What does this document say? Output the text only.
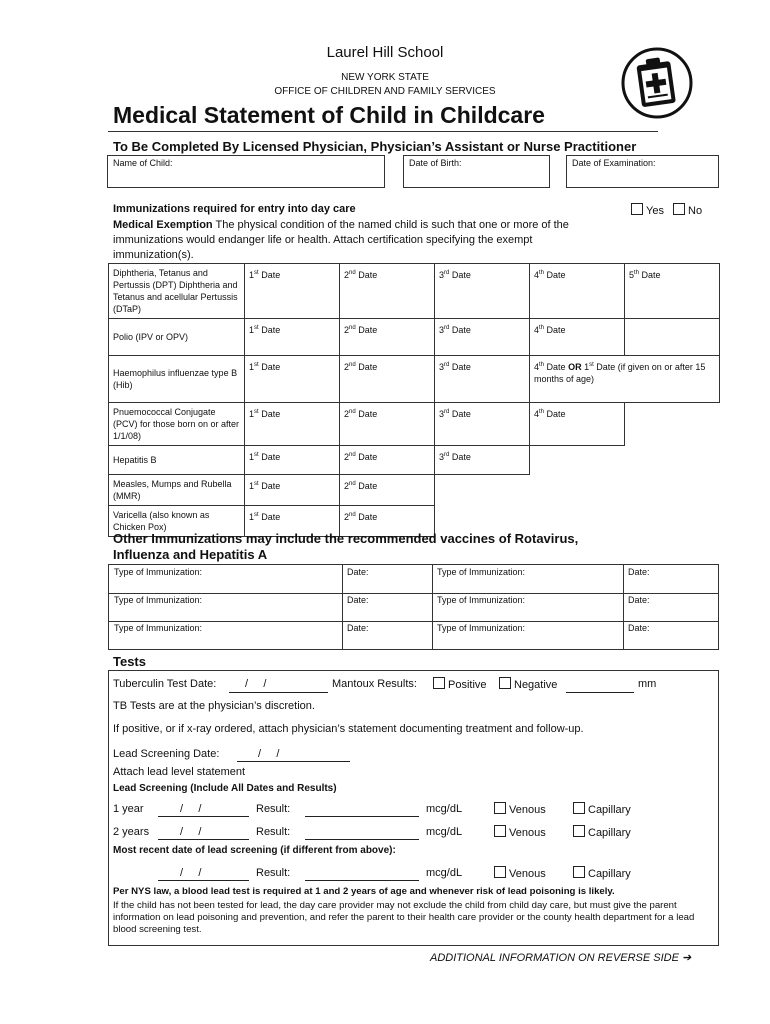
Laurel Hill School
NEW YORK STATE
OFFICE OF CHILDREN AND FAMILY SERVICES
Medical Statement of Child in Childcare
To Be Completed By Licensed Physician, Physician’s Assistant or Nurse Practitioner
Name of Child:	Date of Birth:	Date of Examination:
Immunizations required for entry into day care	Yes No
Medical Exemption The physical condition of the named child is such that one or more of the immunizations would endanger life or health. Attach certification specifying the exempt immunization(s).
Diphtheria, Tetanus and Pertussis (DPT) Diphtheria and Tetanus and acellular Pertussis (DTaP)	1st Date	2nd Date	3rd Date	4th Date	5th Date
Polio (IPV or OPV)	1st Date	2nd Date	3rd Date	4th Date	
Haemophilus influenzae type B (Hib)	1st Date	2nd Date	3rd Date	4th Date OR 1st Date (if given on or after 15 months of age)	
Pnuemococcal Conjugate (PCV) for those born on or after 1/1/08)	1st Date	2nd Date	3rd Date	4th Date	
Hepatitis B	1st Date	2nd Date	3rd Date		
Measles, Mumps and Rubella (MMR)	1st Date	2nd Date			
Varicella (also known as Chicken Pox)	1st Date	2nd Date			
Other Immunizations may include the recommended vaccines of Rotavirus, Influenza and Hepatitis A
Type of Immunization:	Date:	Type of Immunization:	Date:
Type of Immunization:	Date:	Type of Immunization:	Date:
Type of Immunization:	Date:	Type of Immunization:	Date:
Tests
Tuberculin Test Date:	/     /	Mantoux Results:	Positive	Negative	mm
TB Tests are at the physician’s discretion.
If positive, or if x-ray ordered, attach physician’s statement documenting treatment and follow-up.
Lead Screening Date:	/     /
Attach lead level statement
Lead Screening (Include All Dates and Results)
1 year	/     /	Result:	mcg/dL	Venous	Capillary
2 years	/     /	Result:	mcg/dL	Venous	Capillary
Most recent date of lead screening (if different from above):
/     /	Result:	mcg/dL	Venous	Capillary
Per NYS law, a blood lead test is required at 1 and 2 years of age and whenever risk of lead poisoning is likely.
If the child has not been tested for lead, the day care provider may not exclude the child from child day care, but must give the parent information on lead poisoning and prevention, and refer the parent to their health care provider or the county health department for a lead blood screening test.
ADDITIONAL INFORMATION ON REVERSE SIDE ➔
